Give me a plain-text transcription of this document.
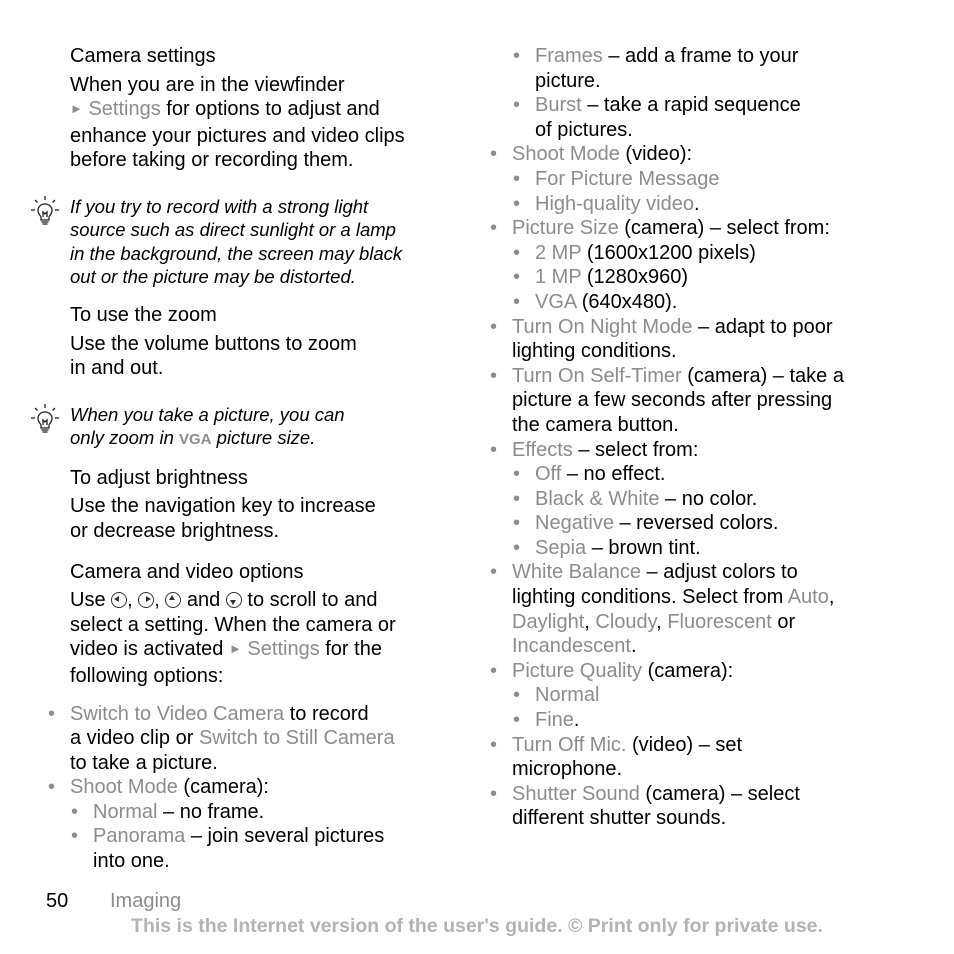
Camera settings

When you are in the viewfinder
► Settings for options to adjust and
enhance your pictures and video clips
before taking or recording them.

If you try to record with a strong light
source such as direct sunlight or a lamp
in the background, the screen may black
out or the picture may be distorted.

To use the zoom

Use the volume buttons to zoom
in and out.

When you take a picture, you can
only zoom in VGA picture size.

To adjust brightness

Use the navigation key to increase
or decrease brightness.

Camera and video options

Use , ,  and  to scroll to and
select a setting. When the camera or
video is activated ► Settings for the
following options:

• Switch to Video Camera to record
a video clip or Switch to Still Camera
to take a picture.
• Shoot Mode (camera):
• Normal – no frame.
• Panorama – join several pictures
into one.
• Frames – add a frame to your
picture.
• Burst – take a rapid sequence
of pictures.
• Shoot Mode (video):
• For Picture Message
• High-quality video.
• Picture Size (camera) – select from:
• 2 MP (1600x1200 pixels)
• 1 MP (1280x960)
• VGA (640x480).
• Turn On Night Mode – adapt to poor
lighting conditions.
• Turn On Self-Timer (camera) – take a
picture a few seconds after pressing
the camera button.
• Effects – select from:
• Off – no effect.
• Black & White – no color.
• Negative – reversed colors.
• Sepia – brown tint.
• White Balance – adjust colors to
lighting conditions. Select from Auto,
Daylight, Cloudy, Fluorescent or
Incandescent.
• Picture Quality (camera):
• Normal
• Fine.
• Turn Off Mic. (video) – set
microphone.
• Shutter Sound (camera) – select
different shutter sounds.
50 Imaging
This is the Internet version of the user's guide. © Print only for private use.
